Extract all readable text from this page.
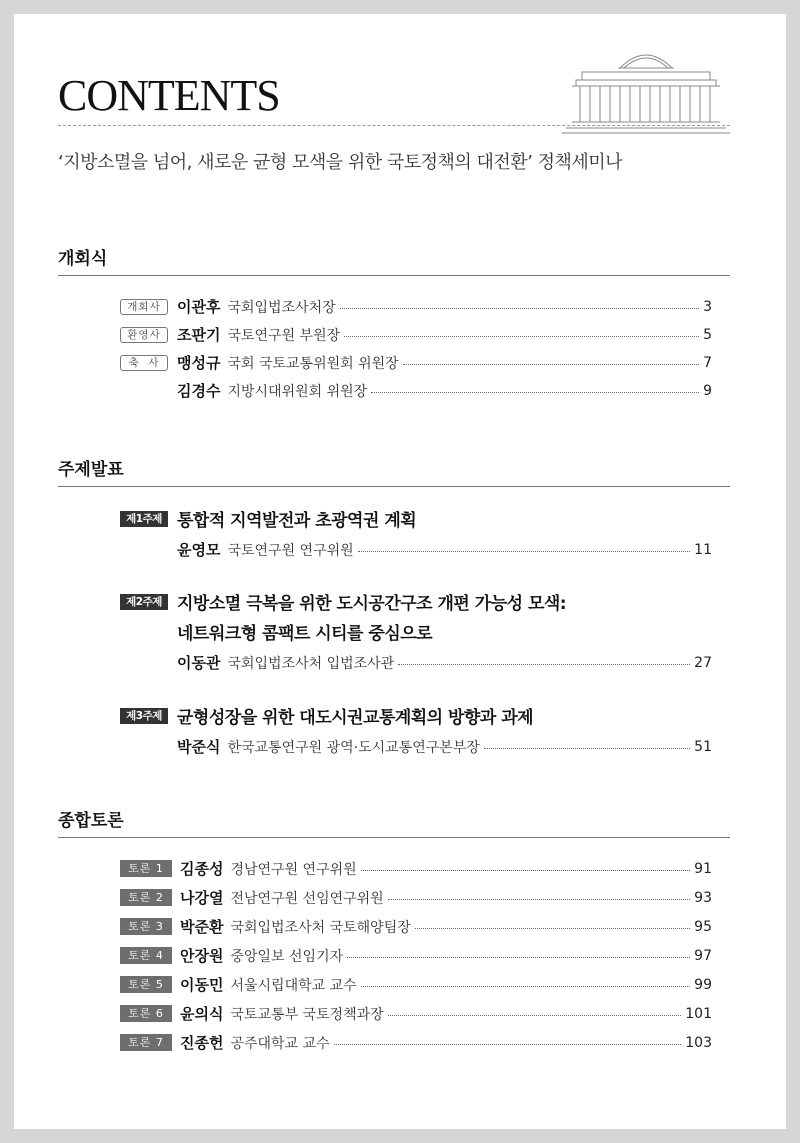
CONTENTS
‘지방소멸을 넘어, 새로운 균형 모색을 위한 국토정책의 대전환’ 정책세미나
개회식
개회사	이관후 국회입법조사처장	3
환영사	조판기 국토연구원 부원장	5
축  사	맹성규 국회 국토교통위원회 위원장	7
김경수 지방시대위원회 위원장	9
주제발표
제1주제 통합적 지역발전과 초광역권 계획
윤영모 국토연구원 연구위원	11
제2주제 지방소멸 극복을 위한 도시공간구조 개편 가능성 모색:
네트워크형 콤팩트 시티를 중심으로
이동관 국회입법조사처 입법조사관	27
제3주제 균형성장을 위한 대도시권교통계획의 방향과 과제
박준식 한국교통연구원 광역·도시교통연구본부장	51
종합토론
토론 1	김종성 경남연구원 연구위원	91
토론 2	나강열 전남연구원 선임연구위원	93
토론 3	박준환 국회입법조사처 국토해양팀장	95
토론 4	안장원 중앙일보 선임기자	97
토론 5	이동민 서울시립대학교 교수	99
토론 6	윤의식 국토교통부 국토정책과장	101
토론 7	진종헌 공주대학교 교수	103
